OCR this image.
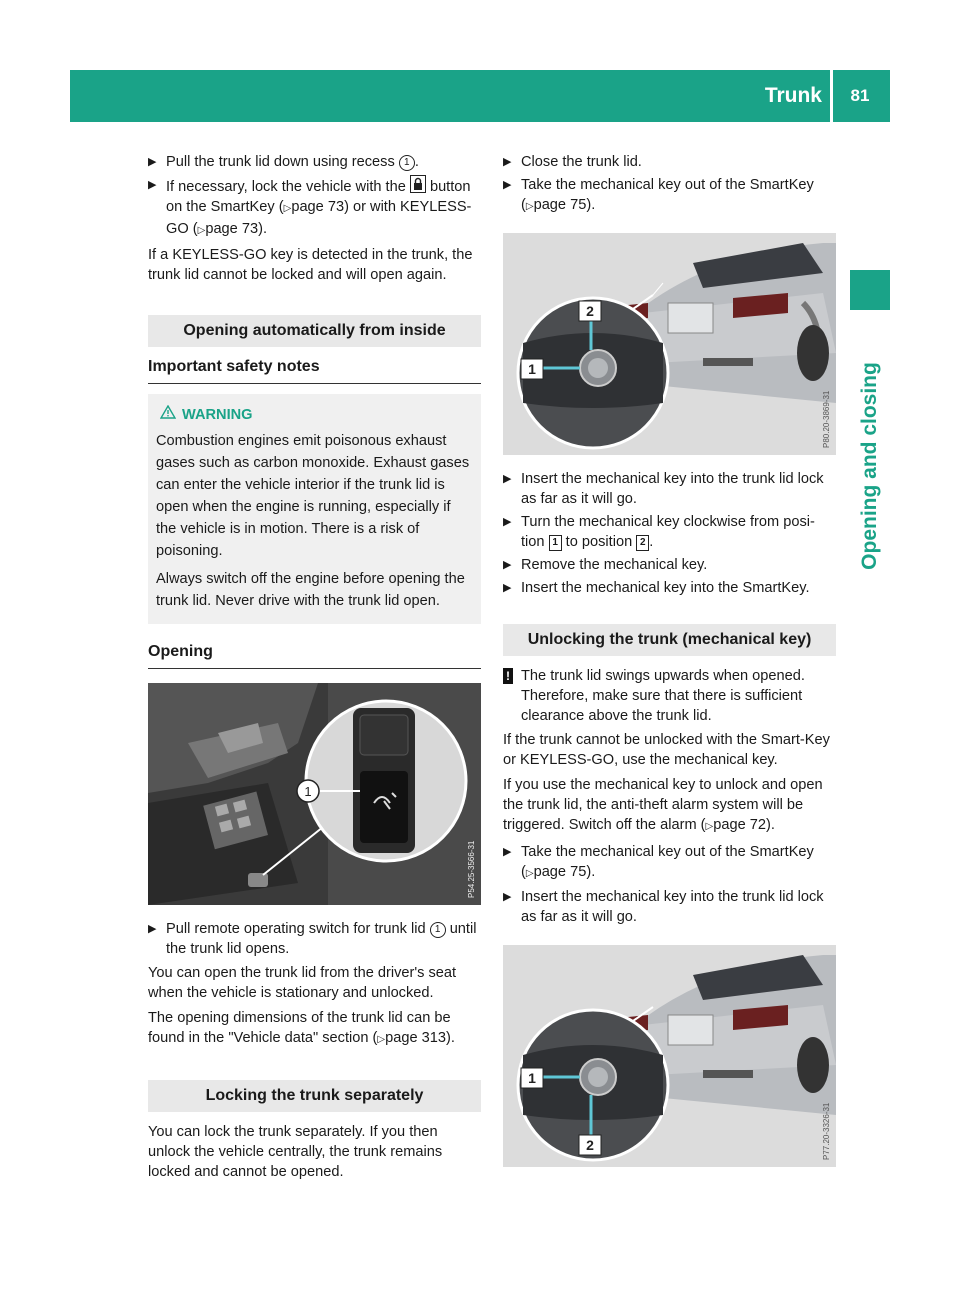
Trunk	81
Opening and closing
▶ Pull the trunk lid down using recess 1 .
▶ If necessary, lock the vehicle with the button on the SmartKey (▷page 73) or with KEYLESS-GO (▷page 73).
If a KEYLESS-GO key is detected in the trunk, the trunk lid cannot be locked and will open again.
Opening automatically from inside
Important safety notes
WARNING
Combustion engines emit poisonous exhaust gases such as carbon monoxide. Exhaust gases can enter the vehicle interior if the trunk lid is open when the engine is running, especially if the vehicle is in motion. There is a risk of poisoning.
Always switch off the engine before opening the trunk lid. Never drive with the trunk lid open.
Opening
1
P54.25-3566-31
▶ Pull remote operating switch for trunk lid 1 until the trunk lid opens.
You can open the trunk lid from the driver's seat when the vehicle is stationary and unlocked.
The opening dimensions of the trunk lid can be found in the "Vehicle data" section (▷page 313).
Locking the trunk separately
You can lock the trunk separately. If you then unlock the vehicle centrally, the trunk remains locked and cannot be opened.
▶ Close the trunk lid.
▶ Take the mechanical key out of the SmartKey (▷page 75).
2
1
P80.20-3869-31
▶ Insert the mechanical key into the trunk lid lock as far as it will go.
▶ Turn the mechanical key clockwise from posi-tion 1 to position 2 .
▶ Remove the mechanical key.
▶ Insert the mechanical key into the SmartKey.
Unlocking the trunk (mechanical key)
! The trunk lid swings upwards when opened. Therefore, make sure that there is sufficient clearance above the trunk lid.
If the trunk cannot be unlocked with the Smart-Key or KEYLESS-GO, use the mechanical key.
If you use the mechanical key to unlock and open the trunk lid, the anti-theft alarm system will be triggered. Switch off the alarm (▷page 72).
▶ Take the mechanical key out of the SmartKey (▷page 75).
▶ Insert the mechanical key into the trunk lid lock as far as it will go.
1
2	P77.20-3326-31
